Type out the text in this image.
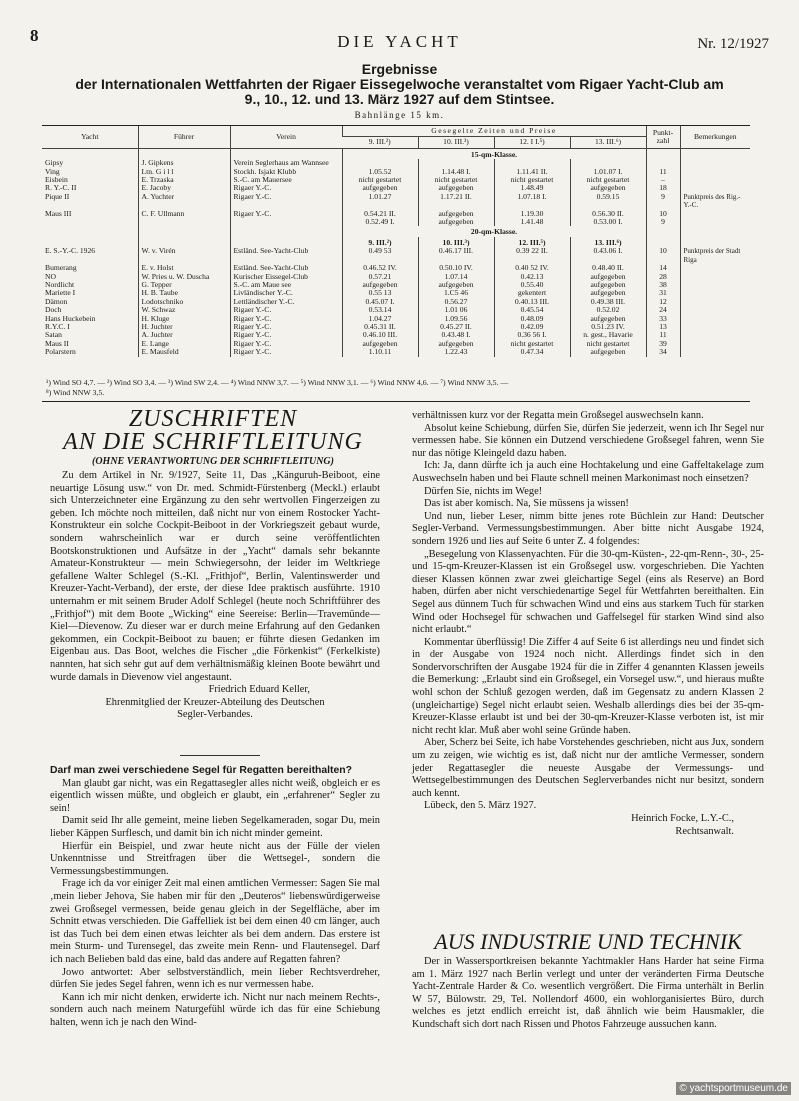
8	DIE YACHT	Nr. 12/1927
Ergebnisse
der Internationalen Wettfahrten der Rigaer Eissegelwoche veranstaltet vom Rigaer Yacht-Club am
9., 10., 12. und 13. März 1927 auf dem Stintsee.
Bahnlänge 15 km.
Yacht	Führer	Verein	Gesegelte Zeiten und Preise				Punkt-zahl	Bemerkungen
			9. III.²)	10. III.³)	12. I I.⁵)	13. III.⁶)		
			15-qm-Klasse.					
Gipsy	J. Gipkens	Verein Seglerhaus am Wannsee						
Ving	Ltn. G i l l	Stockh. Isjakt Klubb	1.05.52	1.14.48 I.	1.11.41 II.	1.01.07 I.	11	
Eisbein	E. Trzaska	S.-C. am Mauersee	nicht gestartet	nicht gestartet	nicht gestartet	nicht gestartet	–	
R. Y.-C. II	E. Jacoby	Rigaer Y.-C.	aufgegeben	aufgegeben	1.48.49	aufgegeben	18	
Pique II	A. Yuchter	Rigaer Y.-C.	1.01.27	1.17.21 II.	1.07.18 I.	0.59.15	9	Punktpreis des Rig.-Y.-C.
Maus III	C. F. Ullmann	Rigaer Y.-C.	0.54.21 II.	aufgegeben	1.19.30	0.56.30 II.	10	
			0.52.49 I.	aufgegeben	1.41.48	0.53.00 I.	9	
			20-qm-Klasse.					
			9. III.²)	10. III.³)	12. III.⁵)	13. III.⁶)		
E. S.-Y.-C. 1926	W. v. Virén	Estländ. See-Yacht-Club	0.49 53	0.46.17 III.	0.39 22 II.	0.43.06 I.	10	Punktpreis der Stadt Riga
Bumerang	E. v. Holst	Estländ. See-Yacht-Club	0.46.52 IV.	0.50.10 IV.	0.40 52 IV.	0.48.40 II.	14	
NO	W. Pries u. W. Duscha	Kurischer Eissegel-Club	0.57.21	1.07.14	0.42.13	aufgegeben	28	
Nordlicht	G. Tepper	S.-C. am Maue see	aufgegeben	aufgegeben	0.55.40	aufgegeben	38	
Mariette I	H. B. Taube	Livländischer Y.-C.	0.55 13	1.C5 46	gekentert	aufgegeben	31	
Dämon	Lodotschniko	Lettländischer Y.-C.	0.45.07 I.	0.56.27	0.40.13 III.	0.49.38 III.	12	
Doch	W. Schwaz	Rigaer Y.-C.	0.53.14	1.01 06	0.45.54	0.52.02	24	
Hans Huckebein	H. Kluge	Rigaer Y.-C.	1.04.27	1.09.56	0.48.09	aufgegeben	33	
R.Y.C. I	H. Juchter	Rigaer Y.-C.	0.45.31 II.	0.45.27 II.	0.42.09	0.51.23 IV.	13	
Satan	A. Juchter	Rigaer Y.-C.	0.46.10 III.	0.43.48 I.	0.36 56 I.	n. gest., Havarie	11	
Maus II	E. Lange	Rigaer Y.-C.	aufgegeben	aufgegeben	nicht gestartet	nicht gestartet	39	
Polarstern	E. Mausfeld	Rigaer Y.-C.	1.10.11	1.22.43	0.47.34	aufgegeben	34	
¹) Wind SO 4,7. — ²) Wind SO 3,4. — ³) Wind SW 2,4. — ⁴) Wind NNW 3,7. — ⁵) Wind NNW 3,1. — ⁶) Wind NNW 4,6. — ⁷) Wind NNW 3,5. —
⁸) Wind NNW 3,5.
ZUSCHRIFTEN
AN DIE SCHRIFTLEITUNG
(OHNE VERANTWORTUNG DER SCHRIFTLEITUNG)

Zu dem Artikel in Nr. 9/1927, Seite 11, Das „Känguruh-Beiboot, eine neuartige Lösung usw.“ von Dr. med. Schmidt-Fürstenberg (Meckl.) erlaubt sich Unterzeichneter eine Ergänzung zu den sehr wertvollen Fingerzeigen zu geben. Ich möchte noch mitteilen, daß nicht nur von einem Rostocker Yacht-Konstrukteur ein solche Cockpit-Beiboot in der Vorkriegszeit gebaut wurde, sondern wahrscheinlich war er durch seine veröffentlichten Bootskonstruktionen und Aufsätze in der „Yacht“ damals sehr bekannte Amateur-Konstrukteur — mein Schwiegersohn, der leider im Weltkriege gefallene Walter Schlegel (S.-Kl. „Frithjof“, Berlin, Valentinswerder und Kreuzer-Yacht-Verband), der erste, der diese Idee praktisch ausführte. 1910 unternahm er mit seinem Bruder Adolf Schlegel (heute noch Schriftführer des „Frithjof“) mit dem Boote „Wicking“ eine Seereise: Berlin—Travemünde—Kiel—Dievenow. Zu dieser war er durch meine Erfahrung auf den Gedanken gekommen, ein Cockpit-Beiboot zu bauen; er führte diesen Gedanken im Eigenbau aus. Das Boot, welches die Fischer „die Förkenkist“ (Ferkelkiste) nannten, hat sich sehr gut auf dem verhältnismäßig kleinen Boote bewährt und wurde damals in Dievenow viel angestaunt.

Friedrich Eduard Keller,

Ehrenmitglied der Kreuzer-Abteilung des Deutschen

Segler-Verbandes.

Darf man zwei verschiedene Segel für Regatten bereithalten?

Man glaubt gar nicht, was ein Regattasegler alles nicht weiß, obgleich er es eigentlich wissen müßte, und obgleich er glaubt, ein „erfahrener“ Segler zu sein!

Damit seid Ihr alle gemeint, meine lieben Segelkameraden, sogar Du, mein lieber Käppen Surflesch, und damit bin ich nicht minder gemeint.

Hierfür ein Beispiel, und zwar heute nicht aus der Fülle der vielen Unkenntnisse und Streitfragen über die Wettsegel-, sondern die Vermessungsbestimmungen.

Frage ich da vor einiger Zeit mal einen amtlichen Vermesser: Sagen Sie mal ‚mein lieber Jehova, Sie haben mir für den „Deuteros“ liebenswürdigerweise zwei Großsegel vermessen, beide genau gleich in der Segelfläche, aber im Schnitt etwas verschieden. Die Gaffelliek ist bei dem einen 40 cm länger, auch ist das Tuch bei dem einen etwas leichter als bei dem andern. Das erstere ist mein Sturm- und Turensegel, das zweite mein Renn- und Flautensegel. Darf ich nach Belieben bald das eine, bald das andere auf Regatten fahren?

Jowo antwortet: Aber selbstverständlich, mein lieber Rechtsverdreher, dürfen Sie jedes Segel fahren, wenn ich es nur vermessen habe.

Kann ich mir nicht denken, erwiderte ich. Nicht nur nach meinem Rechts-, sondern auch nach meinem Naturgefühl würde ich das für eine Schiebung halten, wenn ich je nach den Wind-

verhältnissen kurz vor der Regatta mein Großsegel auswechseln kann.

Absolut keine Schiebung, dürfen Sie, dürfen Sie jederzeit, wenn ich Ihr Segel nur vermessen habe. Sie können ein Dutzend verschiedene Großsegel fahren, wenn Sie nur das nötige Kleingeld dazu haben.

Ich: Ja, dann dürfte ich ja auch eine Hochtakelung und eine Gaffeltakelage zum Auswechseln haben und bei Flaute schnell meinen Markonimast noch einsetzen?

Dürfen Sie, nichts im Wege!

Das ist aber komisch. Na, Sie müssens ja wissen!

Und nun, lieber Leser, nimm bitte jenes rote Büchlein zur Hand: Deutscher Segler-Verband. Vermessungsbestimmungen. Aber bitte nicht Ausgabe 1924, sondern 1926 und lies auf Seite 6 unter Z. 4 folgendes:

„Besegelung von Klassenyachten. Für die 30-qm-Küsten-, 22-qm-Renn-, 30-, 25- und 15-qm-Kreuzer-Klassen ist ein Großsegel usw. vorgeschrieben. Die Yachten dieser Klassen können zwar zwei gleichartige Segel (eins als Reserve) an Bord haben, dürfen aber nicht verschiedenartige Segel für Wettfahrten bereithalten. Ein Segel aus dünnem Tuch für schwachen Wind und eins aus starkem Tuch für starken Wind oder Hochsegel für schwachen und Gaffelsegel für starken Wind sind also nicht erlaubt.“

Kommentar überflüssig! Die Ziffer 4 auf Seite 6 ist allerdings neu und findet sich in der Ausgabe von 1924 noch nicht. Allerdings findet sich in den Sondervorschriften der Ausgabe 1924 für die in Ziffer 4 genannten Klassen jeweils die Bemerkung: „Erlaubt sind ein Großsegel, ein Vorsegel usw.“, und hieraus mußte wohl schon der Schluß gezogen werden, daß im Gegensatz zu andern Klassen 2 (ungleichartige) Segel nicht erlaubt seien. Weshalb allerdings dies bei der 35-qm-Kreuzer-Klasse erlaubt ist und bei der 30-qm-Kreuzer-Klasse verboten ist, ist mir nicht recht klar. Muß aber wohl seine Gründe haben.

Aber, Scherz bei Seite, ich habe Vorstehendes geschrieben, nicht aus Jux, sondern um zu zeigen, wie wichtig es ist, daß nicht nur der amtliche Vermesser, sondern jeder Regattasegler die neueste Ausgabe der Vermessungs- und Wettsegelbestimmungen des Deutschen Seglerverbandes nicht nur besitzt, sondern auch kennt.

Lübeck, den 5. März 1927.

Heinrich Focke, L.Y.-C.,

Rechtsanwalt.

AUS INDUSTRIE UND TECHNIK

Der in Wassersportkreisen bekannte Yachtmakler Hans Harder hat seine Firma am 1. März 1927 nach Berlin verlegt und unter der veränderten Firma Deutsche Yacht-Zentrale Harder & Co. wesentlich vergrößert. Die Firma unterhält in Berlin W 57, Bülowstr. 29, Tel. Nollendorf 4600, ein wohlorganisiertes Büro, durch welches es jetzt endlich erreicht ist, daß ähnlich wie beim Hausmakler, die Kundschaft sich dort nach Rissen und Photos Fahrzeuge aussuchen kann.

© yachtsportmuseum.de
